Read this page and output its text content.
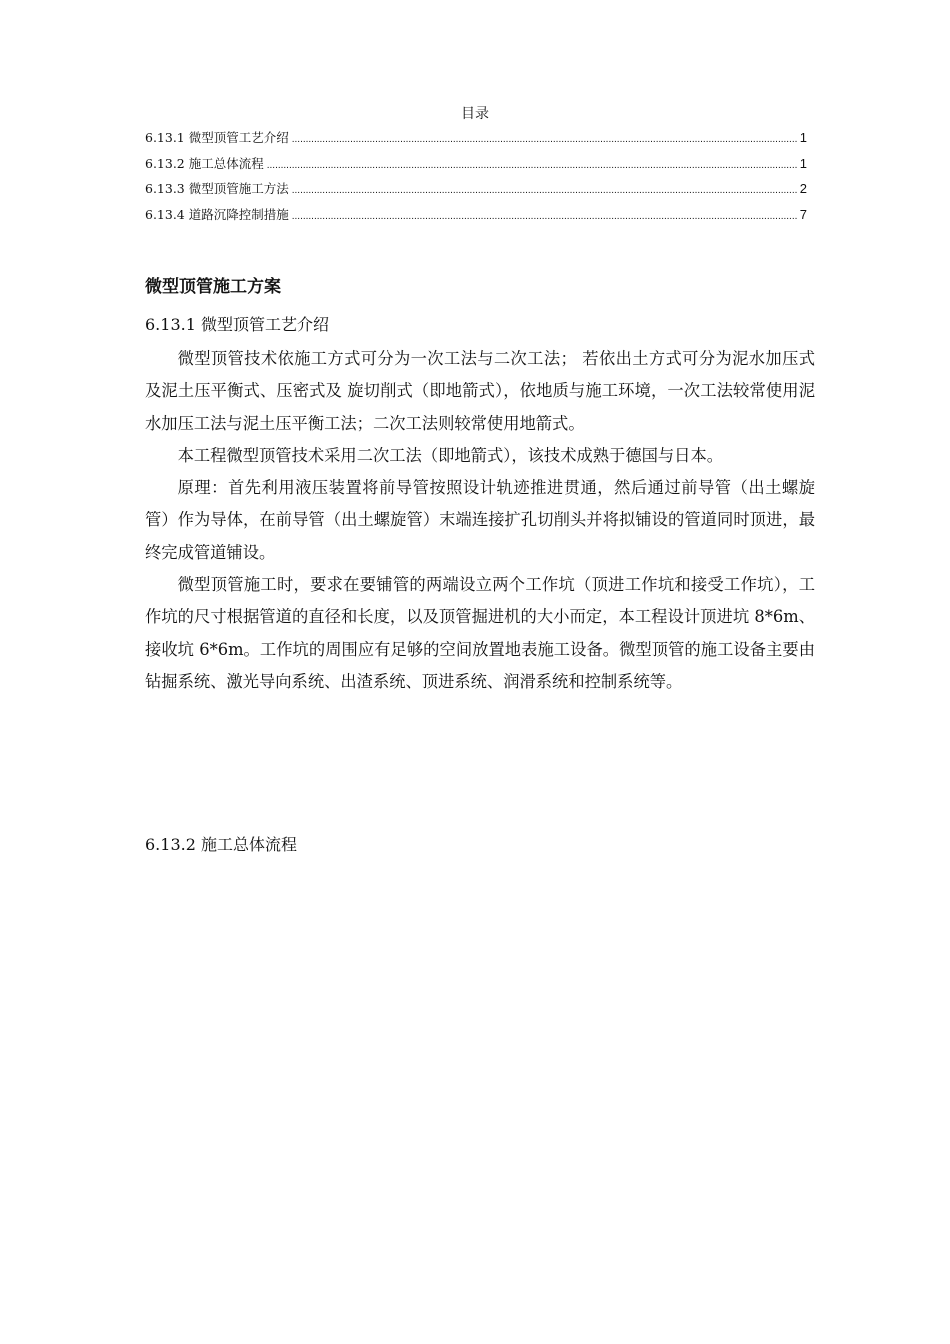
目录
6.13.1 微型顶管工艺介绍 .....	1
6.13.2 施工总体流程 .....	1
6.13.3 微型顶管施工方法 .....	2
6.13.4 道路沉降控制措施 .....	7
微型顶管施工方案
6.13.1 微型顶管工艺介绍

微型顶管技术依施工方式可分为一次工法与二次工法； 若依出土方式可分为泥水加压式及泥土压平衡式、压密式及 旋切削式（即地箭式），依地质与施工环境，一次工法较常使用泥水加压工法与泥土压平衡工法；二次工法则较常使用地箭式。

本工程微型顶管技术采用二次工法（即地箭式），该技术成熟于德国与日本。

原理：首先利用液压装置将前导管按照设计轨迹推进贯通，然后通过前导管（出土螺旋管）作为导体，在前导管（出土螺旋管）末端连接扩孔切削头并将拟铺设的管道同时顶进，最终完成管道铺设。

微型顶管施工时，要求在要铺管的两端设立两个工作坑（顶进工作坑和接受工作坑），工作坑的尺寸根据管道的直径和长度，以及顶管掘进机的大小而定，本工程设计顶进坑 8*6m、接收坑 6*6m。工作坑的周围应有足够的空间放置地表施工设备。微型顶管的施工设备主要由钻掘系统、激光导向系统、出渣系统、顶进系统、润滑系统和控制系统等。

6.13.2 施工总体流程
